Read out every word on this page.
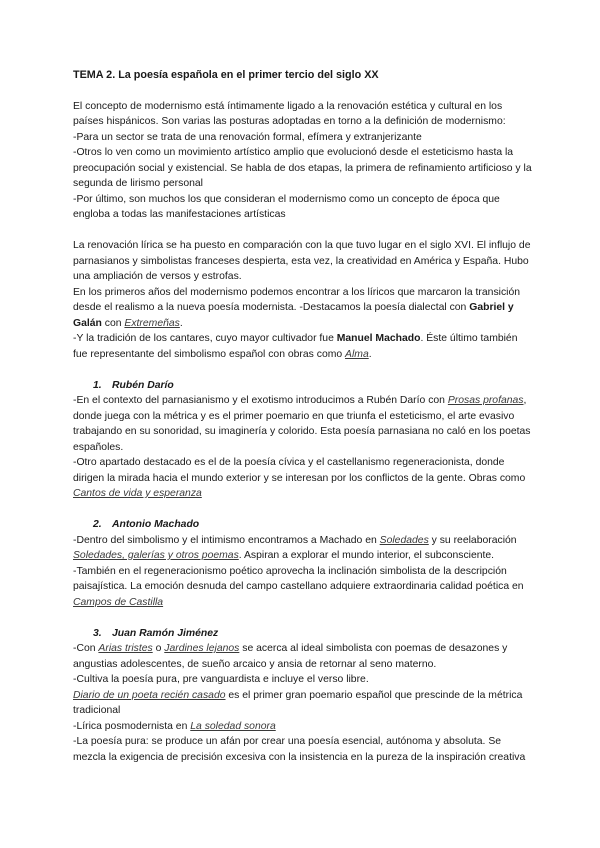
TEMA 2. La poesía española en el primer tercio del siglo XX

El concepto de modernismo está íntimamente ligado a la renovación estética y cultural en los países hispánicos. Son varias las posturas adoptadas en torno a la definición de modernismo:

-Para un sector se trata de una renovación formal, efímera y extranjerizante

-Otros lo ven como un movimiento artístico amplio que evolucionó desde el esteticismo hasta la preocupación social y existencial. Se habla de dos etapas, la primera de refinamiento artificioso y la segunda de lirismo personal

-Por último, son muchos los que consideran el modernismo como un concepto de época que engloba a todas las manifestaciones artísticas

La renovación lírica se ha puesto en comparación con la que tuvo lugar en el siglo XVI. El influjo de parnasianos y simbolistas franceses despierta, esta vez, la creatividad en América y España. Hubo una ampliación de versos y estrofas.

En los primeros años del modernismo podemos encontrar a los líricos que marcaron la transición desde el realismo a la nueva poesía modernista. -Destacamos la poesía dialectal con Gabriel y Galán con Extremeñas.

-Y la tradición de los cantares, cuyo mayor cultivador fue Manuel Machado. Éste último también fue representante del simbolismo español con obras como Alma.

1. Rubén Darío

-En el contexto del parnasianismo y el exotismo introducimos a Rubén Darío con Prosas profanas, donde juega con la métrica y es el primer poemario en que triunfa el esteticismo, el arte evasivo trabajando en su sonoridad, su imaginería y colorido. Esta poesía parnasiana no caló en los poetas españoles.

-Otro apartado destacado es el de la poesía cívica y el castellanismo regeneracionista, donde dirigen la mirada hacia el mundo exterior y se interesan por los conflictos de la gente. Obras como Cantos de vida y esperanza

2. Antonio Machado

-Dentro del simbolismo y el intimismo encontramos a Machado en Soledades y su reelaboración Soledades, galerías y otros poemas. Aspiran a explorar el mundo interior, el subconsciente.

-También en el regeneracionismo poético aprovecha la inclinación simbolista de la descripción paisajística. La emoción desnuda del campo castellano adquiere extraordinaria calidad poética en Campos de Castilla

3. Juan Ramón Jiménez

-Con Arias tristes o Jardines lejanos se acerca al ideal simbolista con poemas de desazones y angustias adolescentes, de sueño arcaico y ansia de retornar al seno materno.

-Cultiva la poesía pura, pre vanguardista e incluye el verso libre.

Diario de un poeta recién casado es el primer gran poemario español que prescinde de la métrica tradicional

-Lírica posmodernista en La soledad sonora

-La poesía pura: se produce un afán por crear una poesía esencial, autónoma y absoluta. Se mezcla la exigencia de precisión excesiva con la insistencia en la pureza de la inspiración creativa
